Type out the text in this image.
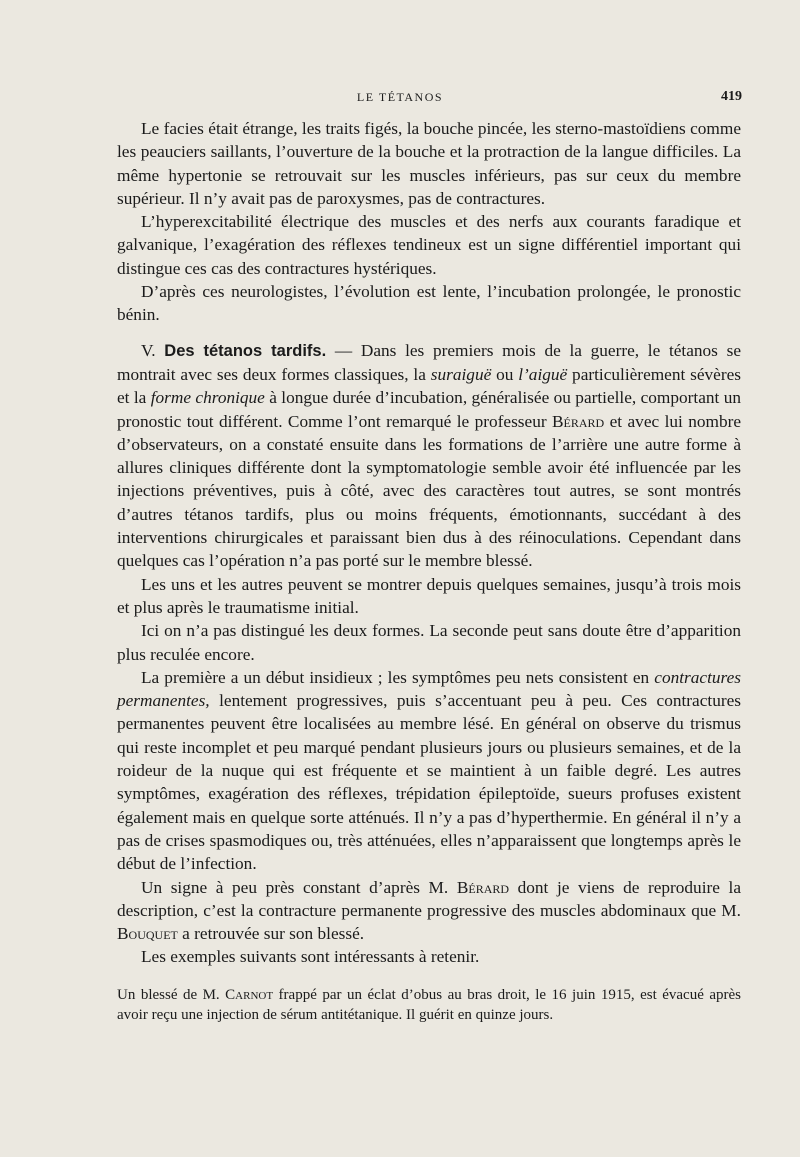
LE TÉTANOS	419

Le facies était étrange, les traits figés, la bouche pincée, les sterno-mastoïdiens comme les peauciers saillants, l’ouverture de la bouche et la protraction de la langue difficiles. La même hypertonie se retrouvait sur les muscles inférieurs, pas sur ceux du membre supérieur. Il n’y avait pas de paroxysmes, pas de contractures.

L’hyperexcitabilité électrique des muscles et des nerfs aux courants faradique et galvanique, l’exagération des réflexes tendineux est un signe différentiel important qui distingue ces cas des contractures hystériques.

D’après ces neurologistes, l’évolution est lente, l’incubation prolongée, le pronostic bénin.

V. Des tétanos tardifs. — Dans les premiers mois de la guerre, le tétanos se montrait avec ses deux formes classiques, la suraiguë ou l’aiguë particulièrement sévères et la forme chronique à longue durée d’incubation, généralisée ou partielle, comportant un pronostic tout différent. Comme l’ont remarqué le professeur Bérard et avec lui nombre d’observateurs, on a constaté ensuite dans les formations de l’arrière une autre forme à allures cliniques différente dont la symptomatologie semble avoir été influencée par les injections préventives, puis à côté, avec des caractères tout autres, se sont montrés d’autres tétanos tardifs, plus ou moins fréquents, émotionnants, succédant à des interventions chirurgicales et paraissant bien dus à des réinoculations. Cependant dans quelques cas l’opération n’a pas porté sur le membre blessé.

Les uns et les autres peuvent se montrer depuis quelques semaines, jusqu’à trois mois et plus après le traumatisme initial.

Ici on n’a pas distingué les deux formes. La seconde peut sans doute être d’apparition plus reculée encore.

La première a un début insidieux ; les symptômes peu nets consistent en contractures permanentes, lentement progressives, puis s’accentuant peu à peu. Ces contractures permanentes peuvent être localisées au membre lésé. En général on observe du trismus qui reste incomplet et peu marqué pendant plusieurs jours ou plusieurs semaines, et de la roideur de la nuque qui est fréquente et se maintient à un faible degré. Les autres symptômes, exagération des réflexes, trépidation épileptoïde, sueurs profuses existent également mais en quelque sorte atténués. Il n’y a pas d’hyperthermie. En général il n’y a pas de crises spasmodiques ou, très atténuées, elles n’apparaissent que longtemps après le début de l’infection.

Un signe à peu près constant d’après M. Bérard dont je viens de reproduire la description, c’est la contracture permanente progressive des muscles abdominaux que M. Bouquet a retrouvée sur son blessé.

Les exemples suivants sont intéressants à retenir.

Un blessé de M. Carnot frappé par un éclat d’obus au bras droit, le 16 juin 1915, est évacué après avoir reçu une injection de sérum antitétanique. Il guérit en quinze jours.
